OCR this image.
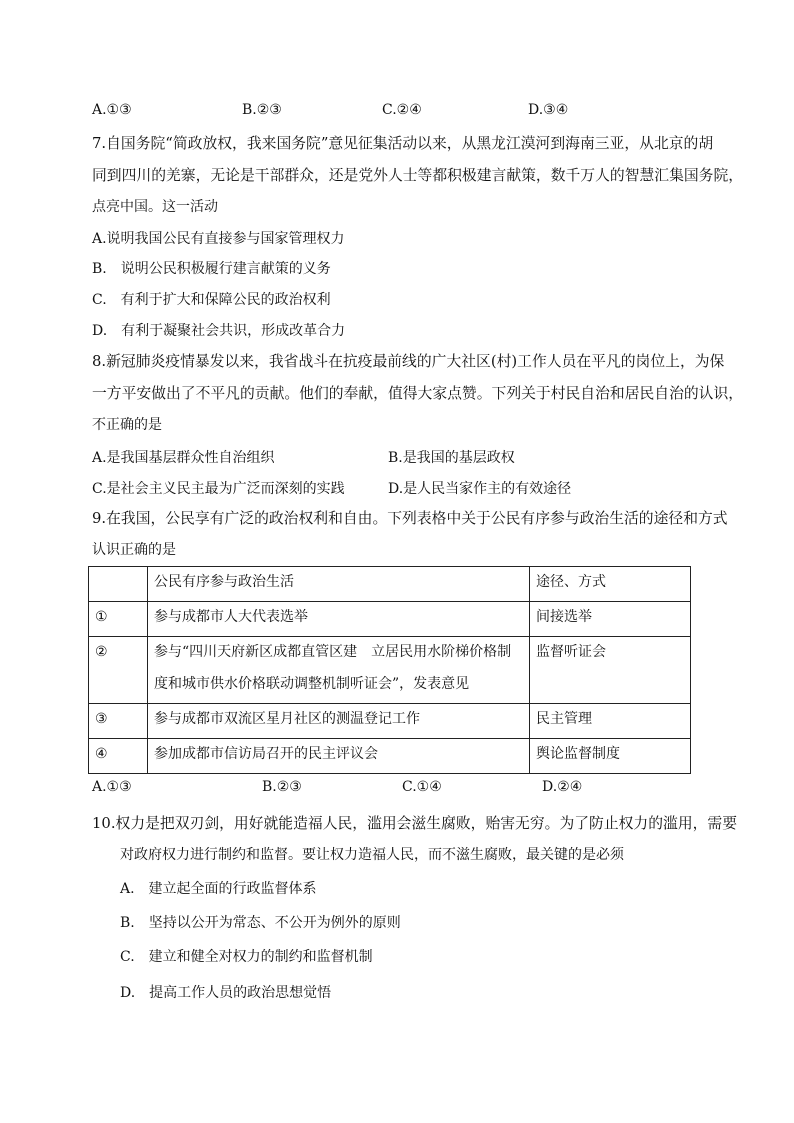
A.①③	B.②③	C.②④	D.③④
7.自国务院“简政放权，我来国务院”意见征集活动以来，从黑龙江漠河到海南三亚，从北京的胡
同到四川的羌寨，无论是干部群众，还是党外人士等都积极建言献策，数千万人的智慧汇集国务院，
点亮中国。这一活动
A.说明我国公民有直接参与国家管理权力
B.　说明公民积极履行建言献策的义务
C.　有利于扩大和保障公民的政治权利
D.　有利于凝聚社会共识，形成改革合力
8.新冠肺炎疫情暴发以来，我省战斗在抗疫最前线的广大社区(村)工作人员在平凡的岗位上，为保
一方平安做出了不平凡的贡献。他们的奉献，值得大家点赞。下列关于村民自治和居民自治的认识，
不正确的是
A.是我国基层群众性自治组织	B.是我国的基层政权
C.是社会主义民主最为广泛而深刻的实践	D.是人民当家作主的有效途径
9.在我国，公民享有广泛的政治权利和自由。下列表格中关于公民有序参与政治生活的途径和方式
认识正确的是

	公民有序参与政治生活	途径、方式

①	参与成都市人大代表选举	间接选举

②	参与“四川天府新区成都直管区建　立居民用水阶梯价格制
度和城市供水价格联动调整机制听证会”，发表意见	监督听证会

③	参与成都市双流区星月社区的测温登记工作	民主管理

④	参加成都市信访局召开的民主评议会	舆论监督制度
A.①③	B.②③	C.①④	D.②④
10.权力是把双刃剑，用好就能造福人民，滥用会滋生腐败，贻害无穷。为了防止权力的滥用，需要
对政府权力进行制约和监督。要让权力造福人民，而不滋生腐败，最关键的是必须
A.　建立起全面的行政监督体系
B.　坚持以公开为常态、不公开为例外的原则
C.　建立和健全对权力的制约和监督机制
D.　提高工作人员的政治思想觉悟
